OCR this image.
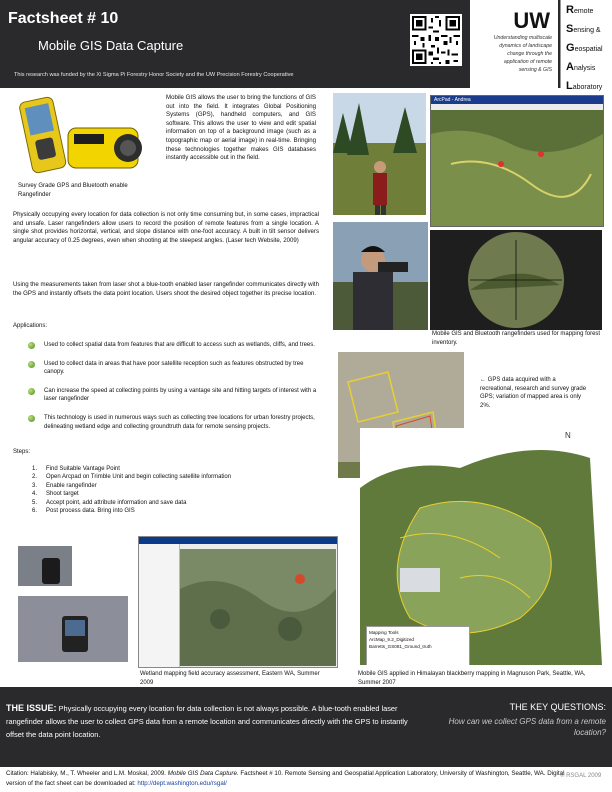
Factsheet # 10
Mobile GIS Data Capture
This research was funded by the Xi Sigma Pi Forestry Honor Society and the UW Precision Forestry Cooperative
UW
Understanding multiscale
dynamics of landscape
change through the
application of remote
sensing & GIS
Remote
Sensing &
Geospatial
Analysis
Laboratory
Survey Grade GPS and Bluetooth enable Rangefinder
Mobile GIS allows the user to bring the functions of GIS out into the field. It integrates Global Positioning Systems (GPS), handheld computers, and GIS software. This allows the user to view and edit spatial information on top of a background image (such as a topographic map or aerial image) in real-time. Bringing these technologies together makes GIS databases instantly accessible out in the field.
Physically occupying every location for data collection is not only time consuming but, in some cases, impractical and unsafe. Laser rangefinders allow users to record the position of remote features from a single location. A single shot provides horizontal, vertical, and slope distance with one-foot accuracy. A built in tilt sensor delivers angular accuracy of 0.25 degrees, even when shooting at the steepest angles. (Laser tech Website, 2009)
Using the measurements taken from laser shot a blue-tooth enabled laser rangefinder communicates directly with the GPS and instantly offsets the data point location. Users shoot the desired object together its precise location.
ArcPad - Andrea
Mobile GIS and Bluetooth rangefinders used for mapping forest inventory.
Applications:
Used to collect spatial data from features that are difficult to access such as wetlands, cliffs, and trees.
Used to collect data in areas that have poor satellite reception such as features obstructed by tree canopy.
Can increase the speed at collecting points by using a vantage site and hitting targets of interest with a laser rangefinder
This technology is used in numerous ways such as collecting tree locations for urban forestry projects, delineating wetland edge and collecting groundtruth data for remote sensing projects.
Steps:
1. Find Suitable Vantage Point
2. Open Arcpad on Trimble Unit and begin collecting satellite information
3. Enable rangefinder
4. Shoot target
5. Accept point, add attribute information and save data
6. Post process data. Bring into GIS
← GPS data acquired with a recreational, research and survey grade GPS; variation of mapped area is only 2%.
N
Mapping Tools
ArcMap_9.2_Digitized
Barretts_GS081_Ground_truth
Mobile GIS applied in Himalayan blackberry mapping in Magnuson Park, Seattle, WA, Summer 2007
Wetland mapping field accuracy assessment, Eastern WA, Summer 2009
THE ISSUE: Physically occupying every location for data collection is not always possible. A blue-tooth enabled laser rangefinder allows the user to collect GPS data from a remote location and communicates directly with the GPS to instantly offset the data point location.
THE KEY QUESTIONS:
How can we collect GPS data from a remote location?
Citation: Halabisky, M., T. Wheeler and L.M. Moskal, 2009. Mobile GIS Data Capture. Factsheet # 10. Remote Sensing and Geospatial Application Laboratory, University of Washington, Seattle, WA. Digital version of the fact sheet can be downloaded at: http://dept.washington.edu/rsgal/
© RSGAL 2009
